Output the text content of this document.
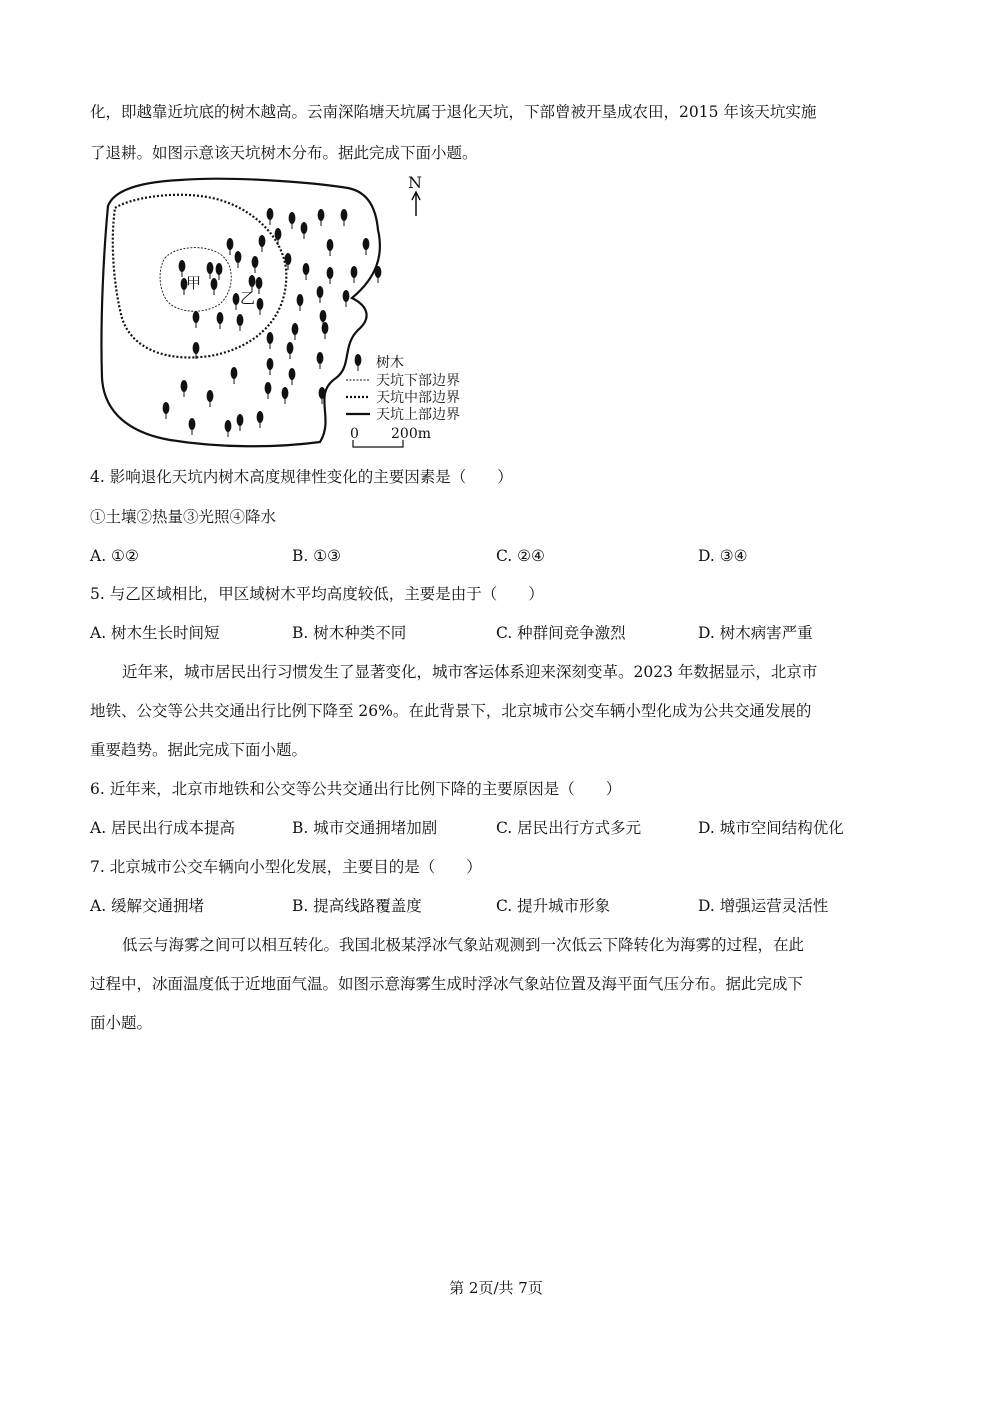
化，即越靠近坑底的树木越高。云南深陷塘天坑属于退化天坑，下部曾被开垦成农田，2015 年该天坑实施
了退耕。如图示意该天坑树木分布。据此完成下面小题。
甲
乙
N
树木
天坑下部边界
天坑中部边界
天坑上部边界
0 200m
4. 影响退化天坑内树木高度规律性变化的主要因素是（　　）
①土壤②热量③光照④降水
A. ①②	B. ①③	C. ②④	D. ③④
5. 与乙区域相比，甲区域树木平均高度较低，主要是由于（　　）
A. 树木生长时间短	B. 树木种类不同	C. 种群间竞争激烈	D. 树木病害严重
近年来，城市居民出行习惯发生了显著变化，城市客运体系迎来深刻变革。2023 年数据显示，北京市
地铁、公交等公共交通出行比例下降至 26%。在此背景下，北京城市公交车辆小型化成为公共交通发展的
重要趋势。据此完成下面小题。
6. 近年来，北京市地铁和公交等公共交通出行比例下降的主要原因是（　　）
A. 居民出行成本提高	B. 城市交通拥堵加剧	C. 居民出行方式多元	D. 城市空间结构优化
7. 北京城市公交车辆向小型化发展，主要目的是（　　）
A. 缓解交通拥堵	B. 提高线路覆盖度	C. 提升城市形象	D. 增强运营灵活性
低云与海雾之间可以相互转化。我国北极某浮冰气象站观测到一次低云下降转化为海雾的过程，在此
过程中，冰面温度低于近地面气温。如图示意海雾生成时浮冰气象站位置及海平面气压分布。据此完成下
面小题。
第 2页/共 7页
